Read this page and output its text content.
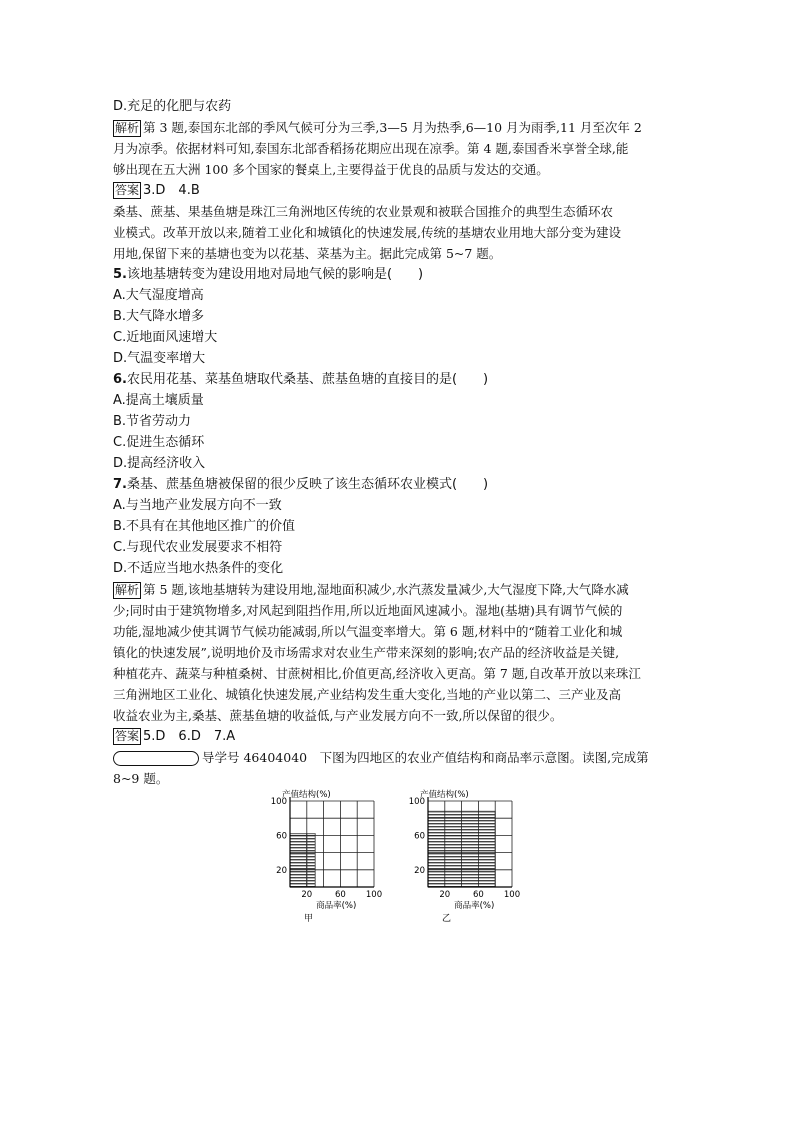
D.充足的化肥与农药
解析 第 3 题,泰国东北部的季风气候可分为三季,3—5 月为热季,6—10 月为雨季,11 月至次年 2
月为凉季。依据材料可知,泰国东北部香稻扬花期应出现在凉季。第 4 题,泰国香米享誉全球,能
够出现在五大洲 100 多个国家的餐桌上,主要得益于优良的品质与发达的交通。
答案 3.D　4.B
桑基、蔗基、果基鱼塘是珠江三角洲地区传统的农业景观和被联合国推介的典型生态循环农
业模式。改革开放以来,随着工业化和城镇化的快速发展,传统的基塘农业用地大部分变为建设
用地,保留下来的基塘也变为以花基、菜基为主。据此完成第 5~7 题。
5.该地基塘转变为建设用地对局地气候的影响是(　　)
A.大气湿度增高
B.大气降水增多
C.近地面风速增大
D.气温变率增大
6.农民用花基、菜基鱼塘取代桑基、蔗基鱼塘的直接目的是(　　)
A.提高土壤质量
B.节省劳动力
C.促进生态循环
D.提高经济收入
7.桑基、蔗基鱼塘被保留的很少反映了该生态循环农业模式(　　)
A.与当地产业发展方向不一致
B.不具有在其他地区推广的价值
C.与现代农业发展要求不相符
D.不适应当地水热条件的变化
解析 第 5 题,该地基塘转为建设用地,湿地面积减少,水汽蒸发量减少,大气湿度下降,大气降水减
少;同时由于建筑物增多,对风起到阻挡作用,所以近地面风速减小。湿地(基塘)具有调节气候的
功能,湿地减少使其调节气候功能减弱,所以气温变率增大。第 6 题,材料中的“随着工业化和城
镇化的快速发展”,说明地价及市场需求对农业生产带来深刻的影响;农产品的经济收益是关键,
种植花卉、蔬菜与种植桑树、甘蔗树相比,价值更高,经济收入更高。第 7 题,自改革开放以来珠江
三角洲地区工业化、城镇化快速发展,产业结构发生重大变化,当地的产业以第二、三产业及高
收益农业为主,桑基、蔗基鱼塘的收益低,与产业发展方向不一致,所以保留的很少。
答案 5.D　6.D　7.A
导学号 46404040　下图为四地区的农业产值结构和商品率示意图。读图,完成第
8~9 题。
100
60
20
20	60 100
产值结构(%)
商品率(%)
甲
100
60
20
20	60 100
产值结构(%)
商品率(%)
乙
